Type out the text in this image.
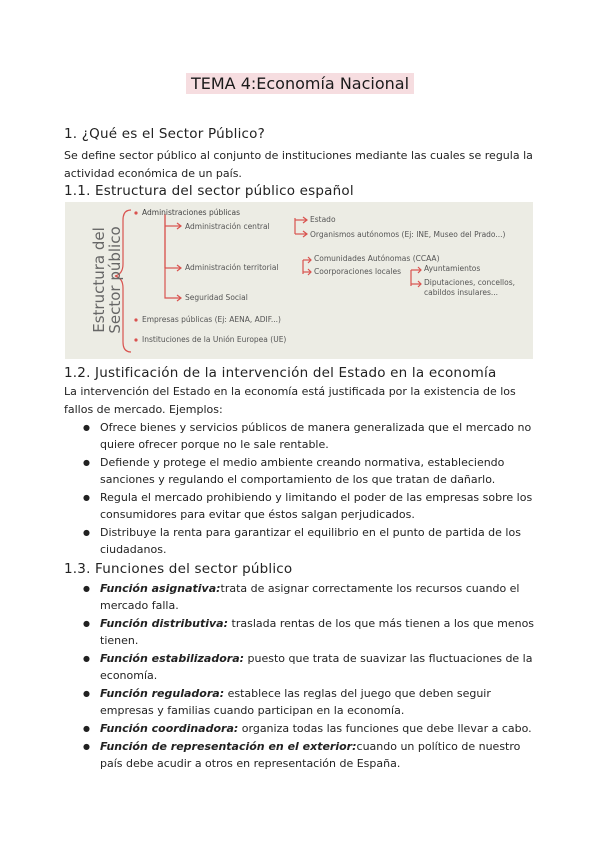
TEMA 4:Economía Nacional
1. ¿Qué es el Sector Público?
Se define sector público al conjunto de instituciones mediante las cuales se regula la actividad económica de un país.
1.1. Estructura del sector público español
Estructura del Sector público
Administraciones públicas
Administración central
Estado
Organismos autónomos (Ej: INE, Museo del Prado...)
Administración territorial
Comunidades Autónomas (CCAA)
Coorporaciones locales	Ayuntamientos
Diputaciones, concellos, cabildos insulares...
Seguridad Social
Empresas públicas (Ej: AENA, ADIF...)
Instituciones de la Unión Europea (UE)
1.2. Justificación de la intervención del Estado en la economía
La intervención del Estado en la economía está justificada por la existencia de los fallos de mercado. Ejemplos:
● Ofrece bienes y servicios públicos de manera generalizada que el mercado no quiere ofrecer porque no le sale rentable.
● Defiende y protege el medio ambiente creando normativa, estableciendo sanciones y regulando el comportamiento de los que tratan de dañarlo.
● Regula el mercado prohibiendo y limitando el poder de las empresas sobre los consumidores para evitar que éstos salgan perjudicados.
● Distribuye la renta para garantizar el equilibrio en el punto de partida de los ciudadanos.
1.3. Funciones del sector público
● Función asignativa:trata de asignar correctamente los recursos cuando el mercado falla.
● Función distributiva: traslada rentas de los que más tienen a los que menos tienen.
● Función estabilizadora: puesto que trata de suavizar las fluctuaciones de la economía.
● Función reguladora: establece las reglas del juego que deben seguir empresas y familias cuando participan en la economía.
● Función coordinadora: organiza todas las funciones que debe llevar a cabo.
● Función de representación en el exterior:cuando un político de nuestro país debe acudir a otros en representación de España.
